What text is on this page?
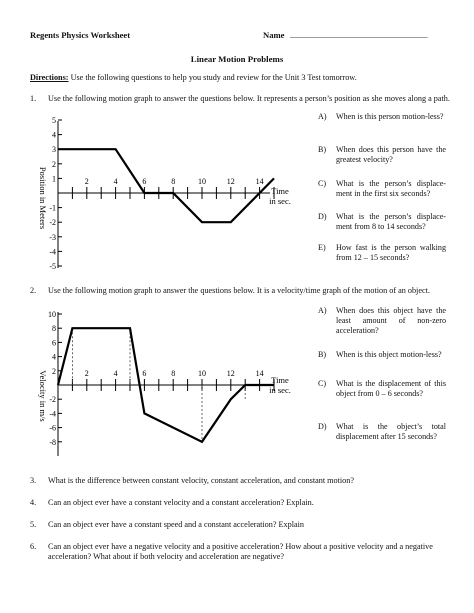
Regents Physics Worksheet	Name ________________________________
Linear Motion Problems
Directions: Use the following questions to help you study and review for the Unit 3 Test tomorrow.
1.	Use the following motion graph to answer the questions below. It represents a person’s position as she moves along a path.
5
4
3
2
1
-1
-2
-3
-4
-5
2	4	6	8	10	12	14
Position in Meters	Time
in sec.
A)	When is this person motion-less?
B)	When does this person have the greatest velocity?
C)	What is the person’s displace-ment in the first six seconds?
D)	What is the person’s displace-ment from 8 to 14 seconds?
E)	How fast is the person walking from 12 – 15 seconds?
2.	Use the following motion graph to answer the questions below. It is a velocity/time graph of the motion of an object.
10
8
6
4
2
-2
-4
-6
-8
2	4	6	8	10	12	14
Velocity in m/s	Time
in sec.
A)	When does this object have the least amount of non-zero acceleration?
B)	When is this object motion-less?
C)	What is the displacement of this object from 0 – 6 seconds?
D)	What is the object’s total displacement after 15 seconds?
3.	What is the difference between constant velocity, constant acceleration, and constant motion?
4.	Can an object ever have a constant velocity and a constant acceleration? Explain.
5.	Can an object ever have a constant speed and a constant acceleration? Explain
6.	Can an object ever have a negative velocity and a positive acceleration? How about a positive velocity and a negative acceleration? What about if both velocity and acceleration are negative?
